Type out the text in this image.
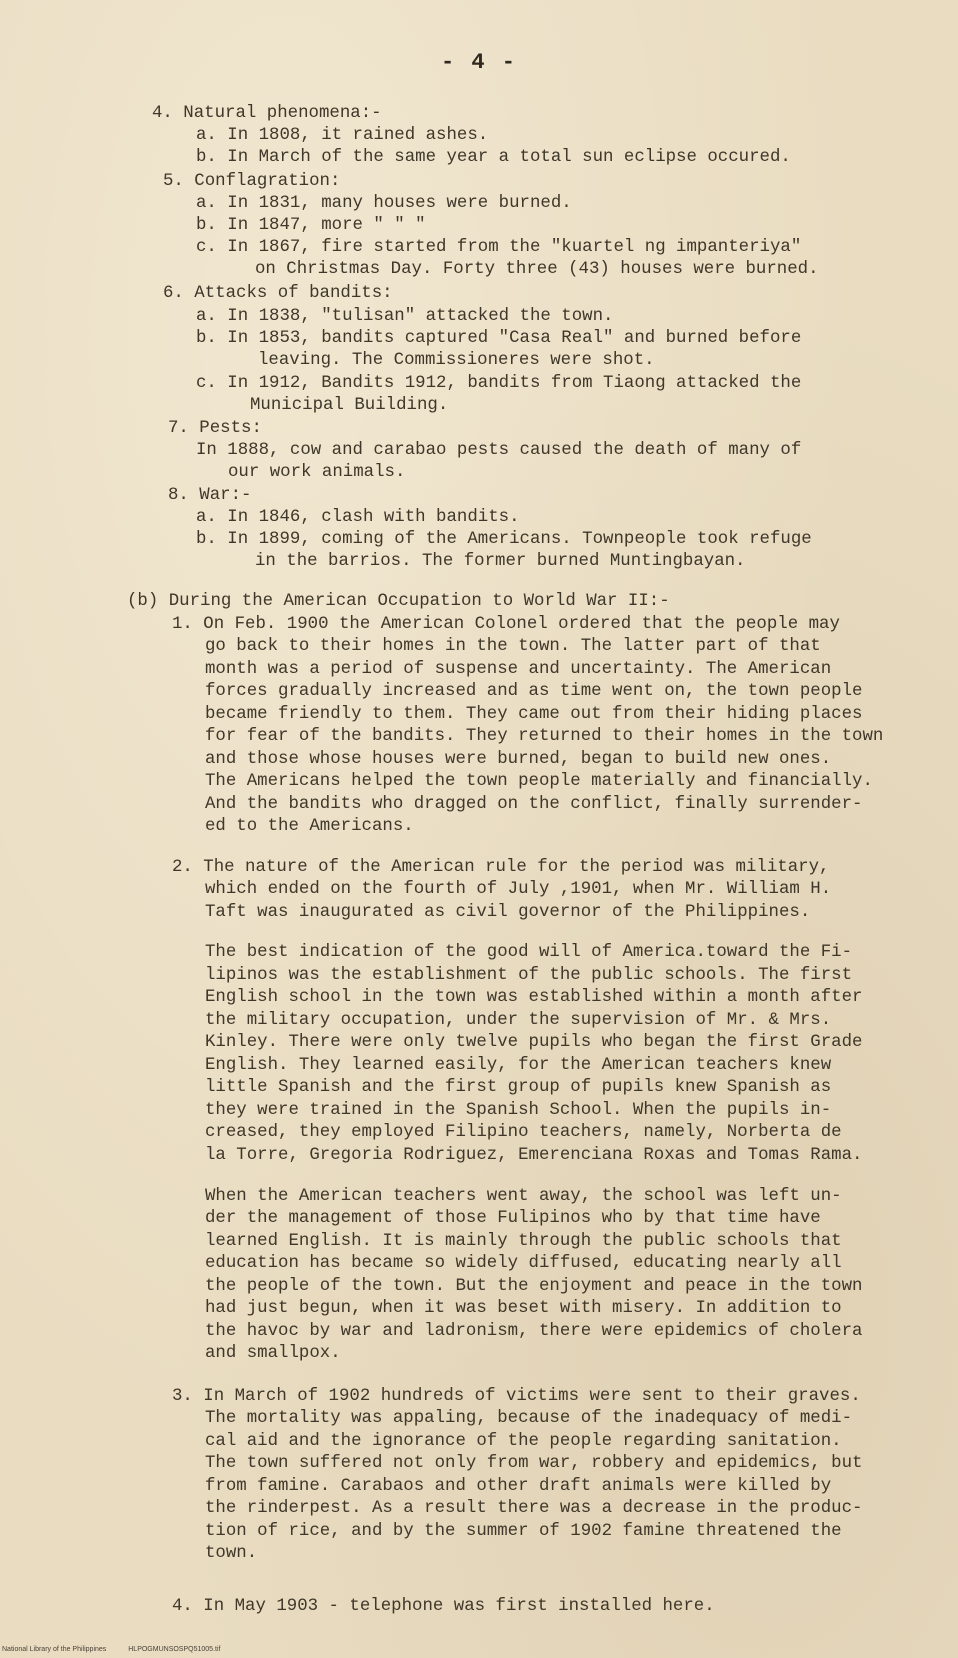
- 4 -
4. Natural phenomena:-
a. In 1808, it rained ashes.
b. In March of the same year a total sun eclipse occured.
5. Conflagration:
a. In 1831, many houses were burned.
b. In 1847, more " " "
c. In 1867, fire started from the "kuartel ng impanteriya"
on Christmas Day. Forty three (43) houses were burned.
6. Attacks of bandits:
a. In 1838, "tulisan" attacked the town.
b. In 1853, bandits captured "Casa Real" and burned before
leaving. The Commissioneres were shot.
c. In 1912, Bandits 1912, bandits from Tiaong attacked the
Municipal Building.
7. Pests:
In 1888, cow and carabao pests caused the death of many of
our work animals.
8. War:-
a. In 1846, clash with bandits.
b. In 1899, coming of the Americans. Townpeople took refuge
in the barrios. The former burned Muntingbayan.
(b) During the American Occupation to World War II:-
1. On Feb. 1900 the American Colonel ordered that the people may
go back to their homes in the town. The latter part of that
month was a period of suspense and uncertainty. The American
forces gradually increased and as time went on, the town people
became friendly to them. They came out from their hiding places
for fear of the bandits. They returned to their homes in the town
and those whose houses were burned, began to build new ones.
The Americans helped the town people materially and financially.
And the bandits who dragged on the conflict, finally surrender-
ed to the Americans.
2. The nature of the American rule for the period was military,
which ended on the fourth of July ,1901, when Mr. William H.
Taft was inaugurated as civil governor of the Philippines.
The best indication of the good will of America.toward the Fi-
lipinos was the establishment of the public schools. The first
English school in the town was established within a month after
the military occupation, under the supervision of Mr. & Mrs.
Kinley. There were only twelve pupils who began the first Grade
English. They learned easily, for the American teachers knew
little Spanish and the first group of pupils knew Spanish as
they were trained in the Spanish School. When the pupils in-
creased, they employed Filipino teachers, namely, Norberta de
la Torre, Gregoria Rodriguez, Emerenciana Roxas and Tomas Rama.
When the American teachers went away, the school was left un-
der the management of those Fulipinos who by that time have
learned English. It is mainly through the public schools that
education has became so widely diffused, educating nearly all
the people of the town. But the enjoyment and peace in the town
had just begun, when it was beset with misery. In addition to
the havoc by war and ladronism, there were epidemics of cholera
and smallpox.
3. In March of 1902 hundreds of victims were sent to their graves.
The mortality was appaling, because of the inadequacy of medi-
cal aid and the ignorance of the people regarding sanitation.
The town suffered not only from war, robbery and epidemics, but
from famine. Carabaos and other draft animals were killed by
the rinderpest. As a result there was a decrease in the produc-
tion of rice, and by the summer of 1902 famine threatened the
town.
4. In May 1903 - telephone was first installed here.
National Library of the Philippines	HLPOGMUNSOSPQ51005.tif
